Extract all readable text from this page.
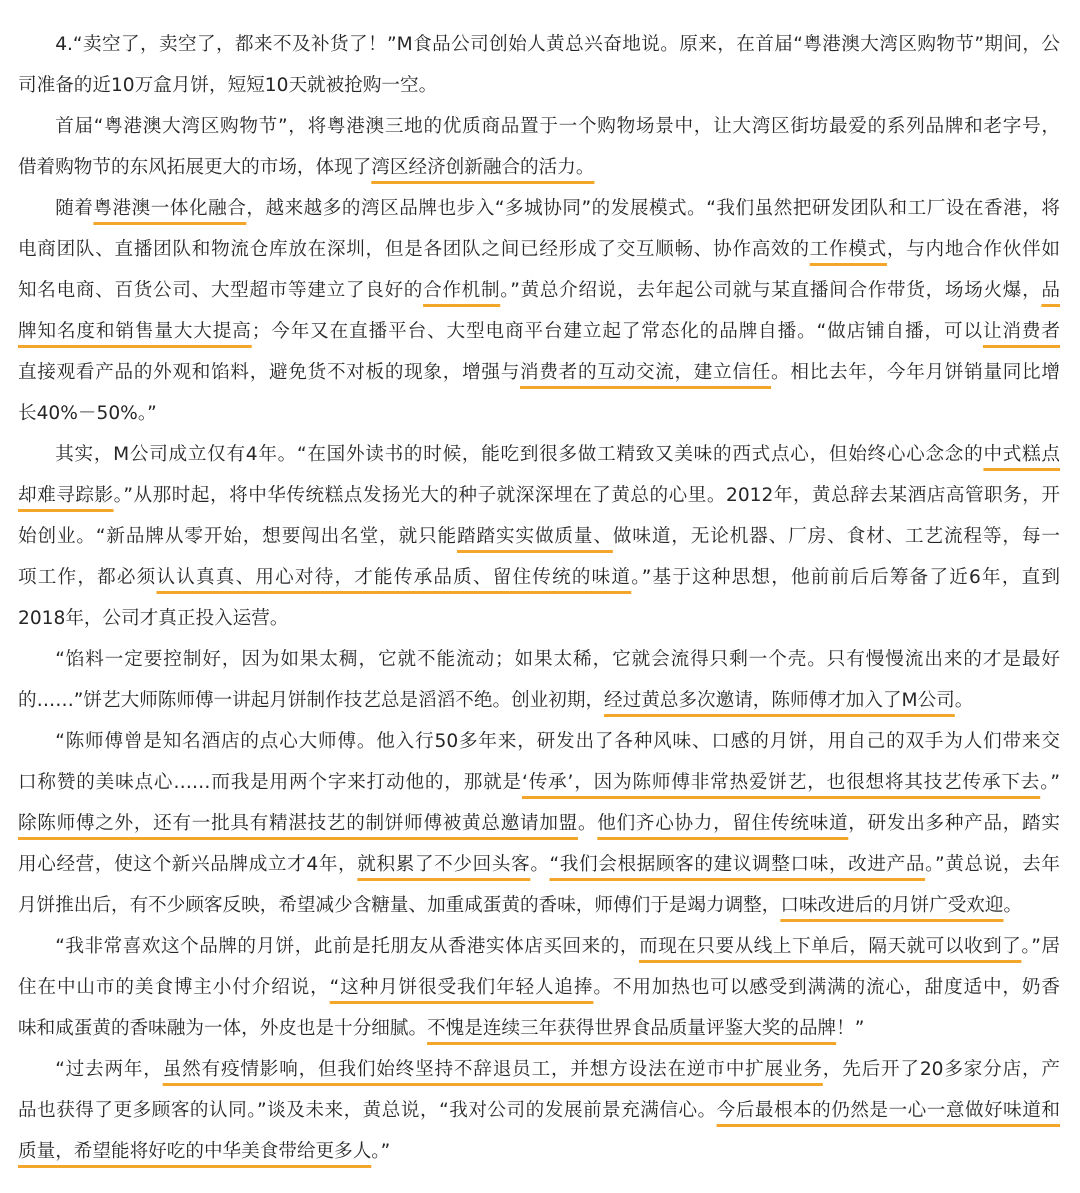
4.“卖空了，卖空了，都来不及补货了！”M食品公司创始人黄总兴奋地说。原来，在首届“粤港澳大湾区购物节”期间，公
司准备的近10万盒月饼，短短10天就被抢购一空。
首届“粤港澳大湾区购物节”，将粤港澳三地的优质商品置于一个购物场景中，让大湾区街坊最爱的系列品牌和老字号，
借着购物节的东风拓展更大的市场，体现了湾区经济创新融合的活力。
随着粤港澳一体化融合，越来越多的湾区品牌也步入“多城协同”的发展模式。“我们虽然把研发团队和工厂设在香港，将
电商团队、直播团队和物流仓库放在深圳，但是各团队之间已经形成了交互顺畅、协作高效的工作模式，与内地合作伙伴如
知名电商、百货公司、大型超市等建立了良好的合作机制。”黄总介绍说，去年起公司就与某直播间合作带货，场场火爆，品
牌知名度和销售量大大提高；今年又在直播平台、大型电商平台建立起了常态化的品牌自播。“做店铺自播，可以让消费者
直接观看产品的外观和馅料，避免货不对板的现象，增强与消费者的互动交流，建立信任。相比去年，今年月饼销量同比增
长40%－50%。”
其实，M公司成立仅有4年。“在国外读书的时候，能吃到很多做工精致又美味的西式点心，但始终心心念念的中式糕点
却难寻踪影。”从那时起，将中华传统糕点发扬光大的种子就深深埋在了黄总的心里。2012年，黄总辞去某酒店高管职务，开
始创业。“新品牌从零开始，想要闯出名堂，就只能踏踏实实做质量、做味道，无论机器、厂房、食材、工艺流程等，每一
项工作，都必须认认真真、用心对待，才能传承品质、留住传统的味道。”基于这种思想，他前前后后筹备了近6年，直到
2018年，公司才真正投入运营。
“馅料一定要控制好，因为如果太稠，它就不能流动；如果太稀，它就会流得只剩一个壳。只有慢慢流出来的才是最好
的……”饼艺大师陈师傅一讲起月饼制作技艺总是滔滔不绝。创业初期，经过黄总多次邀请，陈师傅才加入了M公司。
“陈师傅曾是知名酒店的点心大师傅。他入行50多年来，研发出了各种风味、口感的月饼，用自己的双手为人们带来交
口称赞的美味点心……而我是用两个字来打动他的，那就是‘传承’，因为陈师傅非常热爱饼艺，也很想将其技艺传承下去。”
除陈师傅之外，还有一批具有精湛技艺的制饼师傅被黄总邀请加盟。他们齐心协力，留住传统味道，研发出多种产品，踏实
用心经营，使这个新兴品牌成立才4年，就积累了不少回头客。“我们会根据顾客的建议调整口味，改进产品。”黄总说，去年
月饼推出后，有不少顾客反映，希望减少含糖量、加重咸蛋黄的香味，师傅们于是竭力调整，口味改进后的月饼广受欢迎。
“我非常喜欢这个品牌的月饼，此前是托朋友从香港实体店买回来的，而现在只要从线上下单后，隔天就可以收到了。”居
住在中山市的美食博主小付介绍说，“这种月饼很受我们年轻人追捧。不用加热也可以感受到满满的流心，甜度适中，奶香
味和咸蛋黄的香味融为一体，外皮也是十分细腻。不愧是连续三年获得世界食品质量评鉴大奖的品牌！”
“过去两年，虽然有疫情影响，但我们始终坚持不辞退员工，并想方设法在逆市中扩展业务，先后开了20多家分店，产
品也获得了更多顾客的认同。”谈及未来，黄总说，“我对公司的发展前景充满信心。今后最根本的仍然是一心一意做好味道和
质量，希望能将好吃的中华美食带给更多人。”
